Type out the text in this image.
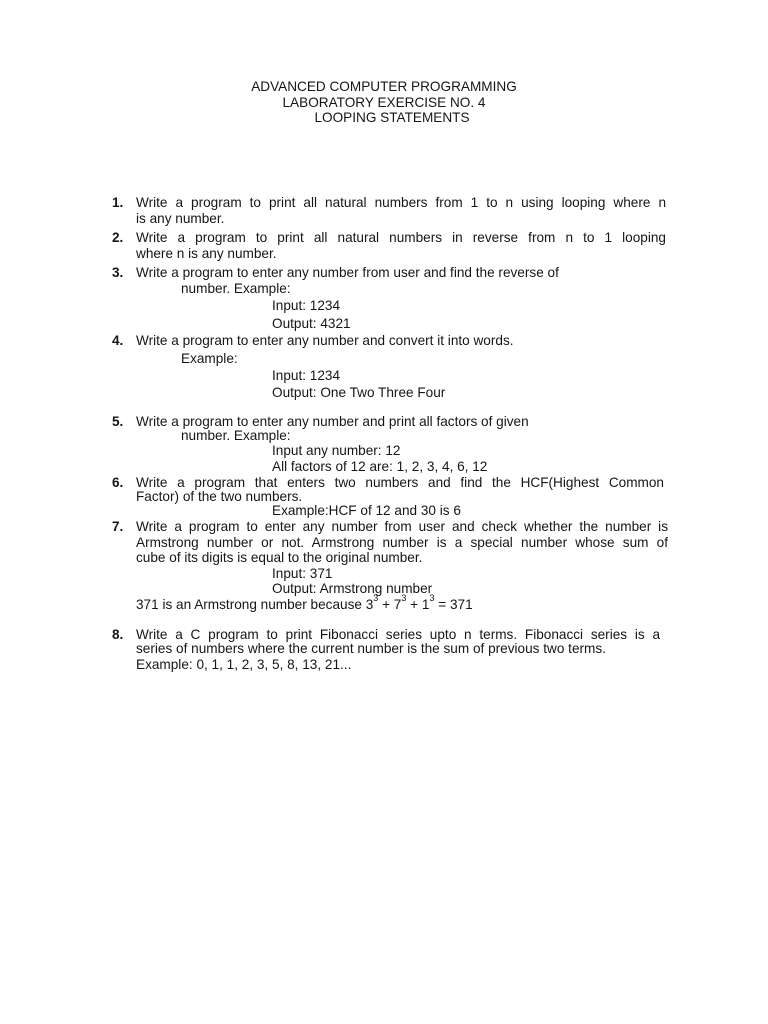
ADVANCED COMPUTER PROGRAMMING
LABORATORY EXERCISE NO. 4
LOOPING STATEMENTS
1. Write a program to print all natural numbers from 1 to n using looping where n
is any number.
2. Write a program to print all natural numbers in reverse from n to 1 looping
where n is any number.
3. Write a program to enter any number from user and find the reverse of
number. Example:
Input: 1234
Output: 4321
4. Write a program to enter any number and convert it into words.
Example:
Input: 1234
Output: One Two Three Four
5. Write a program to enter any number and print all factors of given
number. Example:
Input any number: 12
All factors of 12 are: 1, 2, 3, 4, 6, 12
6. Write a program that enters two numbers and find the HCF(Highest Common
Factor) of the two numbers.
Example:HCF of 12 and 30 is 6
7. Write a program to enter any number from user and check whether the number is
Armstrong number or not. Armstrong number is a special number whose sum of
cube of its digits is equal to the original number.
Input: 371
Output: Armstrong number
371 is an Armstrong number because $3^3 + 7^3 + 1^3 = 371$
8. Write a C program to print Fibonacci series upto n terms. Fibonacci series is a
series of numbers where the current number is the sum of previous two terms.
Example: 0, 1, 1, 2, 3, 5, 8, 13, 21...
